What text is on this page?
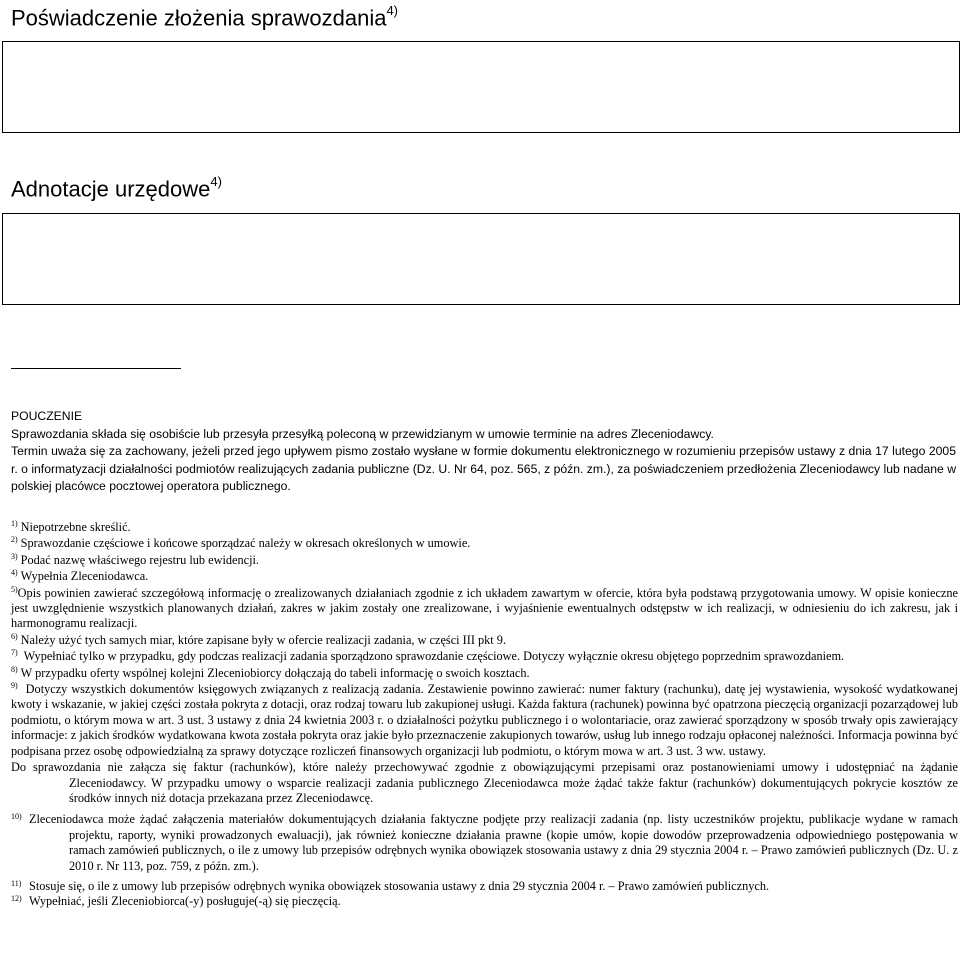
Poświadczenie złożenia sprawozdania$^{4)}$
Adnotacje urzędowe$^{4)}$

POUCZENIE

Sprawozdania składa się osobiście lub przesyła przesyłką poleconą w przewidzianym w umowie terminie na adres Zleceniodawcy.

Termin uważa się za zachowany, jeżeli przed jego upływem pismo zostało wysłane w formie dokumentu elektronicznego w rozumieniu przepisów ustawy z dnia 17 lutego 2005 r. o informatyzacji działalności podmiotów realizujących zadania publiczne (Dz. U. Nr 64, poz. 565, z późn. zm.), za poświadczeniem przedłożenia Zleceniodawcy lub nadane w polskiej placówce pocztowej operatora publicznego.

$^{1)}$ Niepotrzebne skreślić.

$^{2)}$ Sprawozdanie częściowe i końcowe sporządzać należy w okresach określonych w umowie.

$^{3)}$ Podać nazwę właściwego rejestru lub ewidencji.

$^{4)}$ Wypełnia Zleceniodawca.

$^{5)}$Opis powinien zawierać szczegółową informację o zrealizowanych działaniach zgodnie z ich układem zawartym w ofercie, która była podstawą przygotowania umowy. W opisie konieczne jest uwzględnienie wszystkich planowanych działań, zakres w jakim zostały one zrealizowane, i wyjaśnienie ewentualnych odstępstw w ich realizacji, w odniesieniu do ich zakresu, jak i harmonogramu realizacji.

$^{6)}$ Należy użyć tych samych miar, które zapisane były w ofercie realizacji zadania, w części III pkt 9.

$^{7)}$ Wypełniać tylko w przypadku, gdy podczas realizacji zadania sporządzono sprawozdanie częściowe. Dotyczy wyłącznie okresu objętego poprzednim sprawozdaniem.

$^{8)}$ W przypadku oferty wspólnej kolejni Zleceniobiorcy dołączają do tabeli informację o swoich kosztach.

$^{9)}$ Dotyczy wszystkich dokumentów księgowych związanych z realizacją zadania. Zestawienie powinno zawierać: numer faktury (rachunku), datę jej wystawienia, wysokość wydatkowanej kwoty i wskazanie, w jakiej części została pokryta z dotacji, oraz rodzaj towaru lub zakupionej usługi. Każda faktura (rachunek) powinna być opatrzona pieczęcią organizacji pozarządowej lub podmiotu, o którym mowa w art. 3 ust. 3 ustawy z dnia 24 kwietnia 2003 r. o działalności pożytku publicznego i o wolontariacie, oraz zawierać sporządzony w sposób trwały opis zawierający informacje: z jakich środków wydatkowana kwota została pokryta oraz jakie było przeznaczenie zakupionych towarów, usług lub innego rodzaju opłaconej należności. Informacja powinna być podpisana przez osobę odpowiedzialną za sprawy dotyczące rozliczeń finansowych organizacji lub podmiotu, o którym mowa w art. 3 ust. 3 ww. ustawy.

Do sprawozdania nie załącza się faktur (rachunków), które należy przechowywać zgodnie z obowiązującymi przepisami oraz postanowieniami umowy i udostępniać na żądanie Zleceniodawcy. W przypadku umowy o wsparcie realizacji zadania publicznego Zleceniodawca może żądać także faktur (rachunków) dokumentujących pokrycie kosztów ze środków innych niż dotacja przekazana przez Zleceniodawcę.

10) Zleceniodawca może żądać załączenia materiałów dokumentujących działania faktyczne podjęte przy realizacji zadania (np. listy uczestników projektu, publikacje wydane w ramach projektu, raporty, wyniki prowadzonych ewaluacji), jak również konieczne działania prawne (kopie umów, kopie dowodów przeprowadzenia odpowiedniego postępowania w ramach zamówień publicznych, o ile z umowy lub przepisów odrębnych wynika obowiązek stosowania ustawy z dnia 29 stycznia 2004 r. – Prawo zamówień publicznych (Dz. U. z 2010 r. Nr 113, poz. 759, z późn. zm.).
11) Stosuje się, o ile z umowy lub przepisów odrębnych wynika obowiązek stosowania ustawy z dnia 29 stycznia 2004 r. – Prawo zamówień publicznych.
12) Wypełniać, jeśli Zleceniobiorca(-y) posługuje(-ą) się pieczęcią.
